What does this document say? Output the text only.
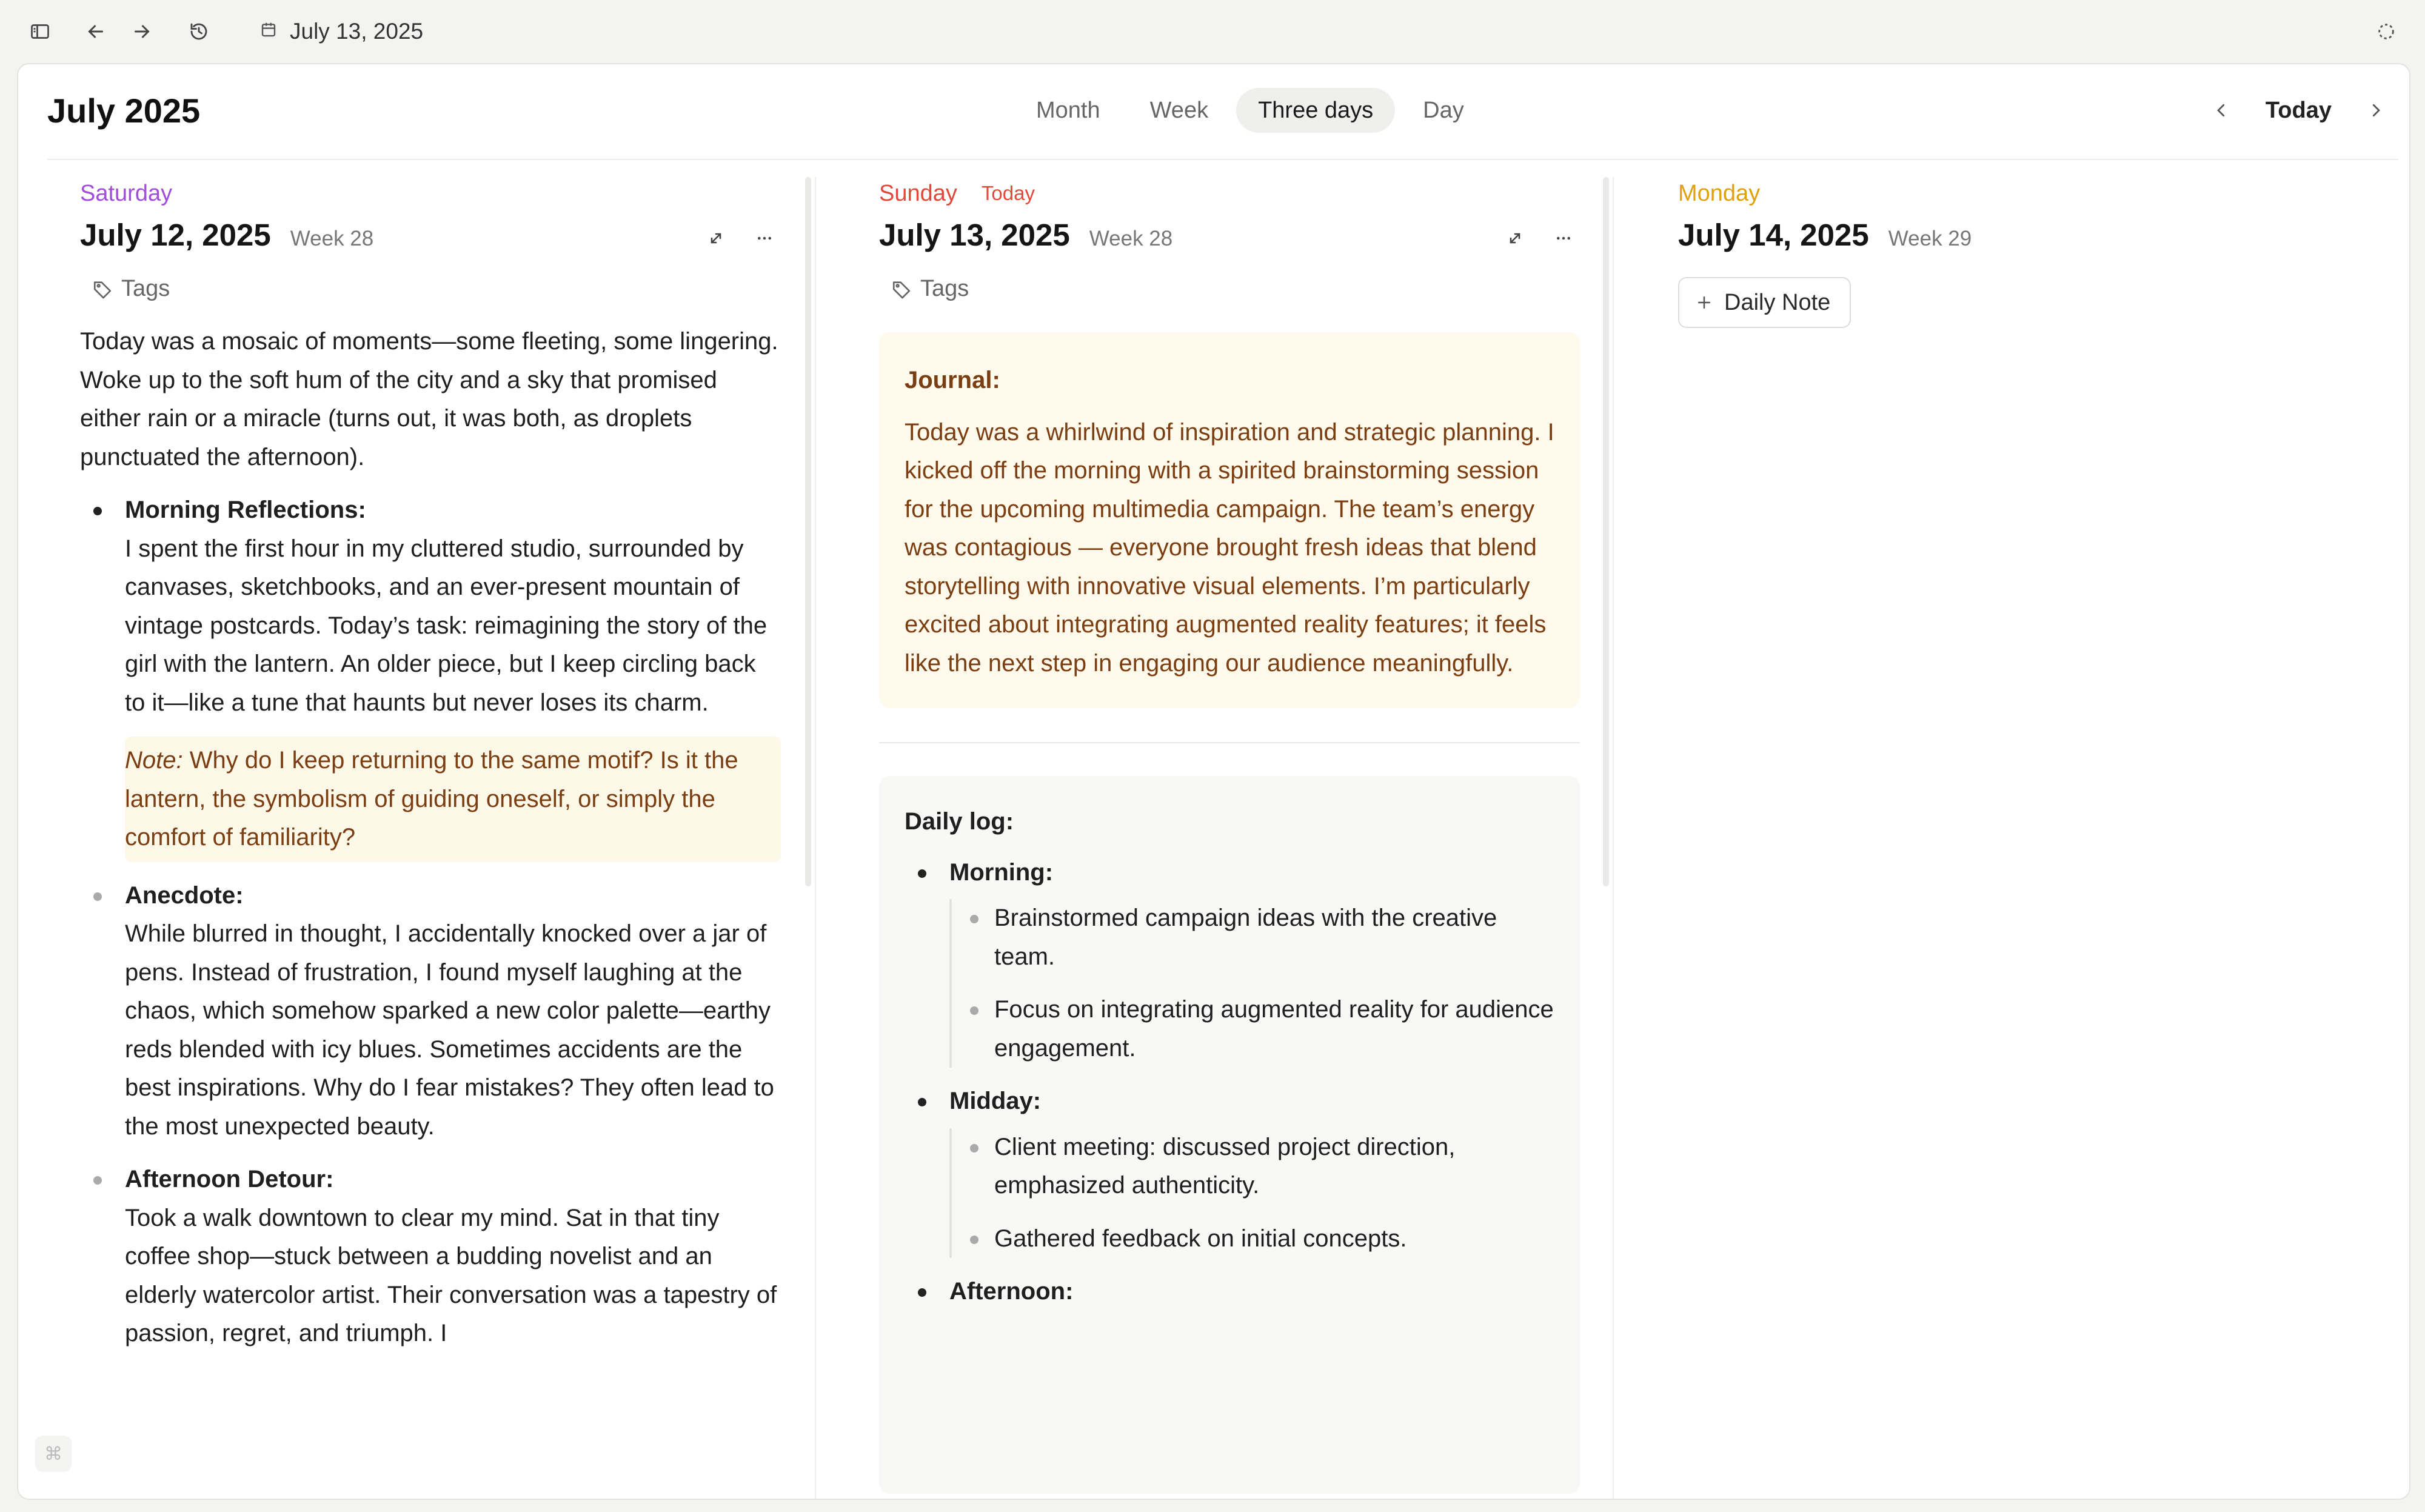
July 13, 2025
July 2025	Month	Week	Three days	Day	Today
Saturday
July 12, 2025 Week 28
Tags
Today was a mosaic of moments—some fleeting, some lingering. Woke up to the soft hum of the city and a sky that promised either rain or a miracle (turns out, it was both, as droplets punctuated the afternoon).
Morning Reflections:
I spent the first hour in my cluttered studio, surrounded by canvases, sketchbooks, and an ever-present mountain of vintage postcards. Today’s task: reimagining the story of the girl with the lantern. An older piece, but I keep circling back to it—like a tune that haunts but never loses its charm.
Note: Why do I keep returning to the same motif? Is it the lantern, the symbolism of guiding oneself, or simply the comfort of familiarity?
Anecdote:
While blurred in thought, I accidentally knocked over a jar of pens. Instead of frustration, I found myself laughing at the chaos, which somehow sparked a new color palette—earthy reds blended with icy blues. Sometimes accidents are the best inspirations. Why do I fear mistakes? They often lead to the most unexpected beauty.
Afternoon Detour:
Took a walk downtown to clear my mind. Sat in that tiny coffee shop—stuck between a budding novelist and an elderly watercolor artist. Their conversation was a tapestry of passion, regret, and triumph. I
Sunday Today
July 13, 2025 Week 28
Tags
Journal:
Today was a whirlwind of inspiration and strategic planning. I kicked off the morning with a spirited brainstorming session for the upcoming multimedia campaign. The team’s energy was contagious — everyone brought fresh ideas that blend storytelling with innovative visual elements. I’m particularly excited about integrating augmented reality features; it feels like the next step in engaging our audience meaningfully.
Daily log:
Morning:
Brainstormed campaign ideas with the creative team.
Focus on integrating augmented reality for audience engagement.
Midday:
Client meeting: discussed project direction, emphasized authenticity.
Gathered feedback on initial concepts.
Afternoon:
Monday
July 14, 2025 Week 29
Daily Note
⌘
